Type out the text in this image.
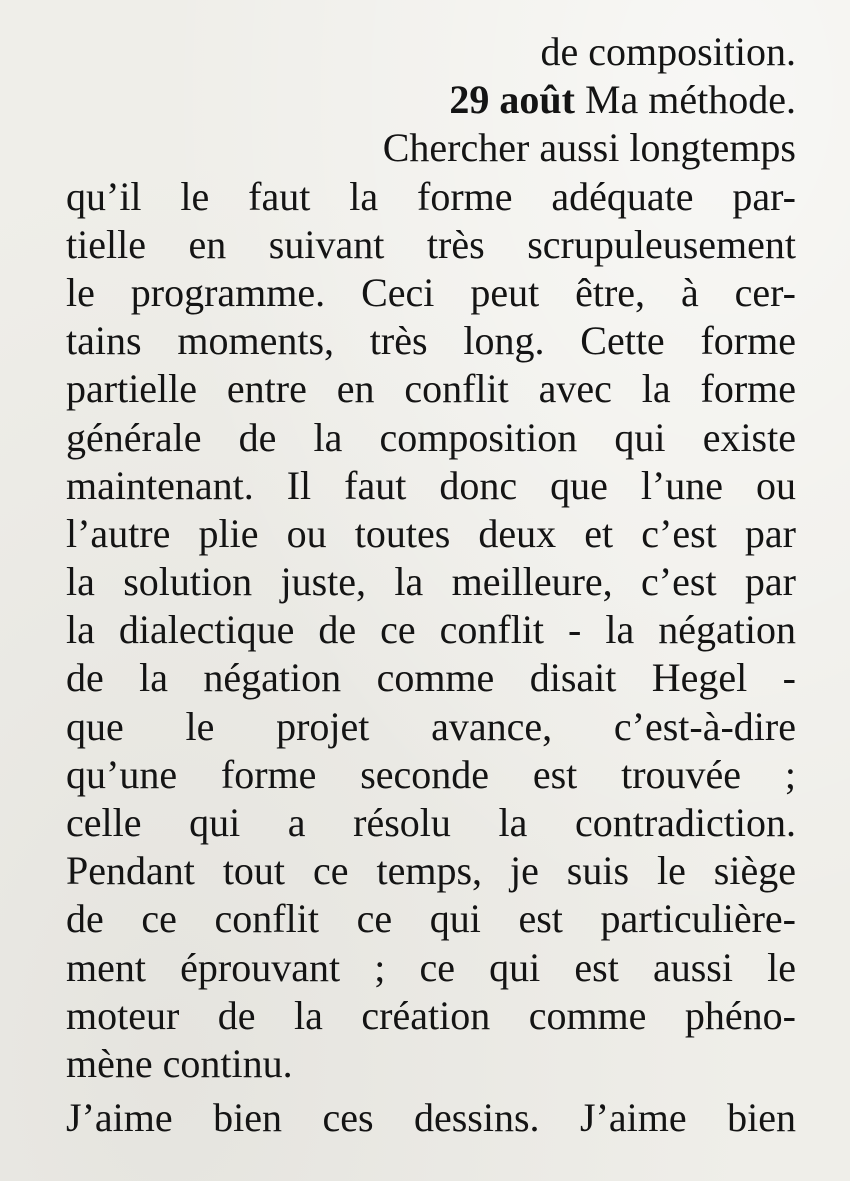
de composition.
29 août Ma méthode.
Chercher aussi longtemps
qu’il le faut la forme adéquate par-
tielle en suivant très scrupuleusement
le programme. Ceci peut être, à cer-
tains moments, très long. Cette forme
partielle entre en conflit avec la forme
générale de la composition qui existe
maintenant. Il faut donc que l’une ou
l’autre plie ou toutes deux et c’est par
la solution juste, la meilleure, c’est par
la dialectique de ce conflit - la négation
de la négation comme disait Hegel -
que le projet avance, c’est-à-dire
qu’une forme seconde est trouvée ;
celle qui a résolu la contradiction.
Pendant tout ce temps, je suis le siège
de ce conflit ce qui est particulière-
ment éprouvant ; ce qui est aussi le
moteur de la création comme phéno-
mène continu.
J’aime bien ces dessins. J’aime bien
